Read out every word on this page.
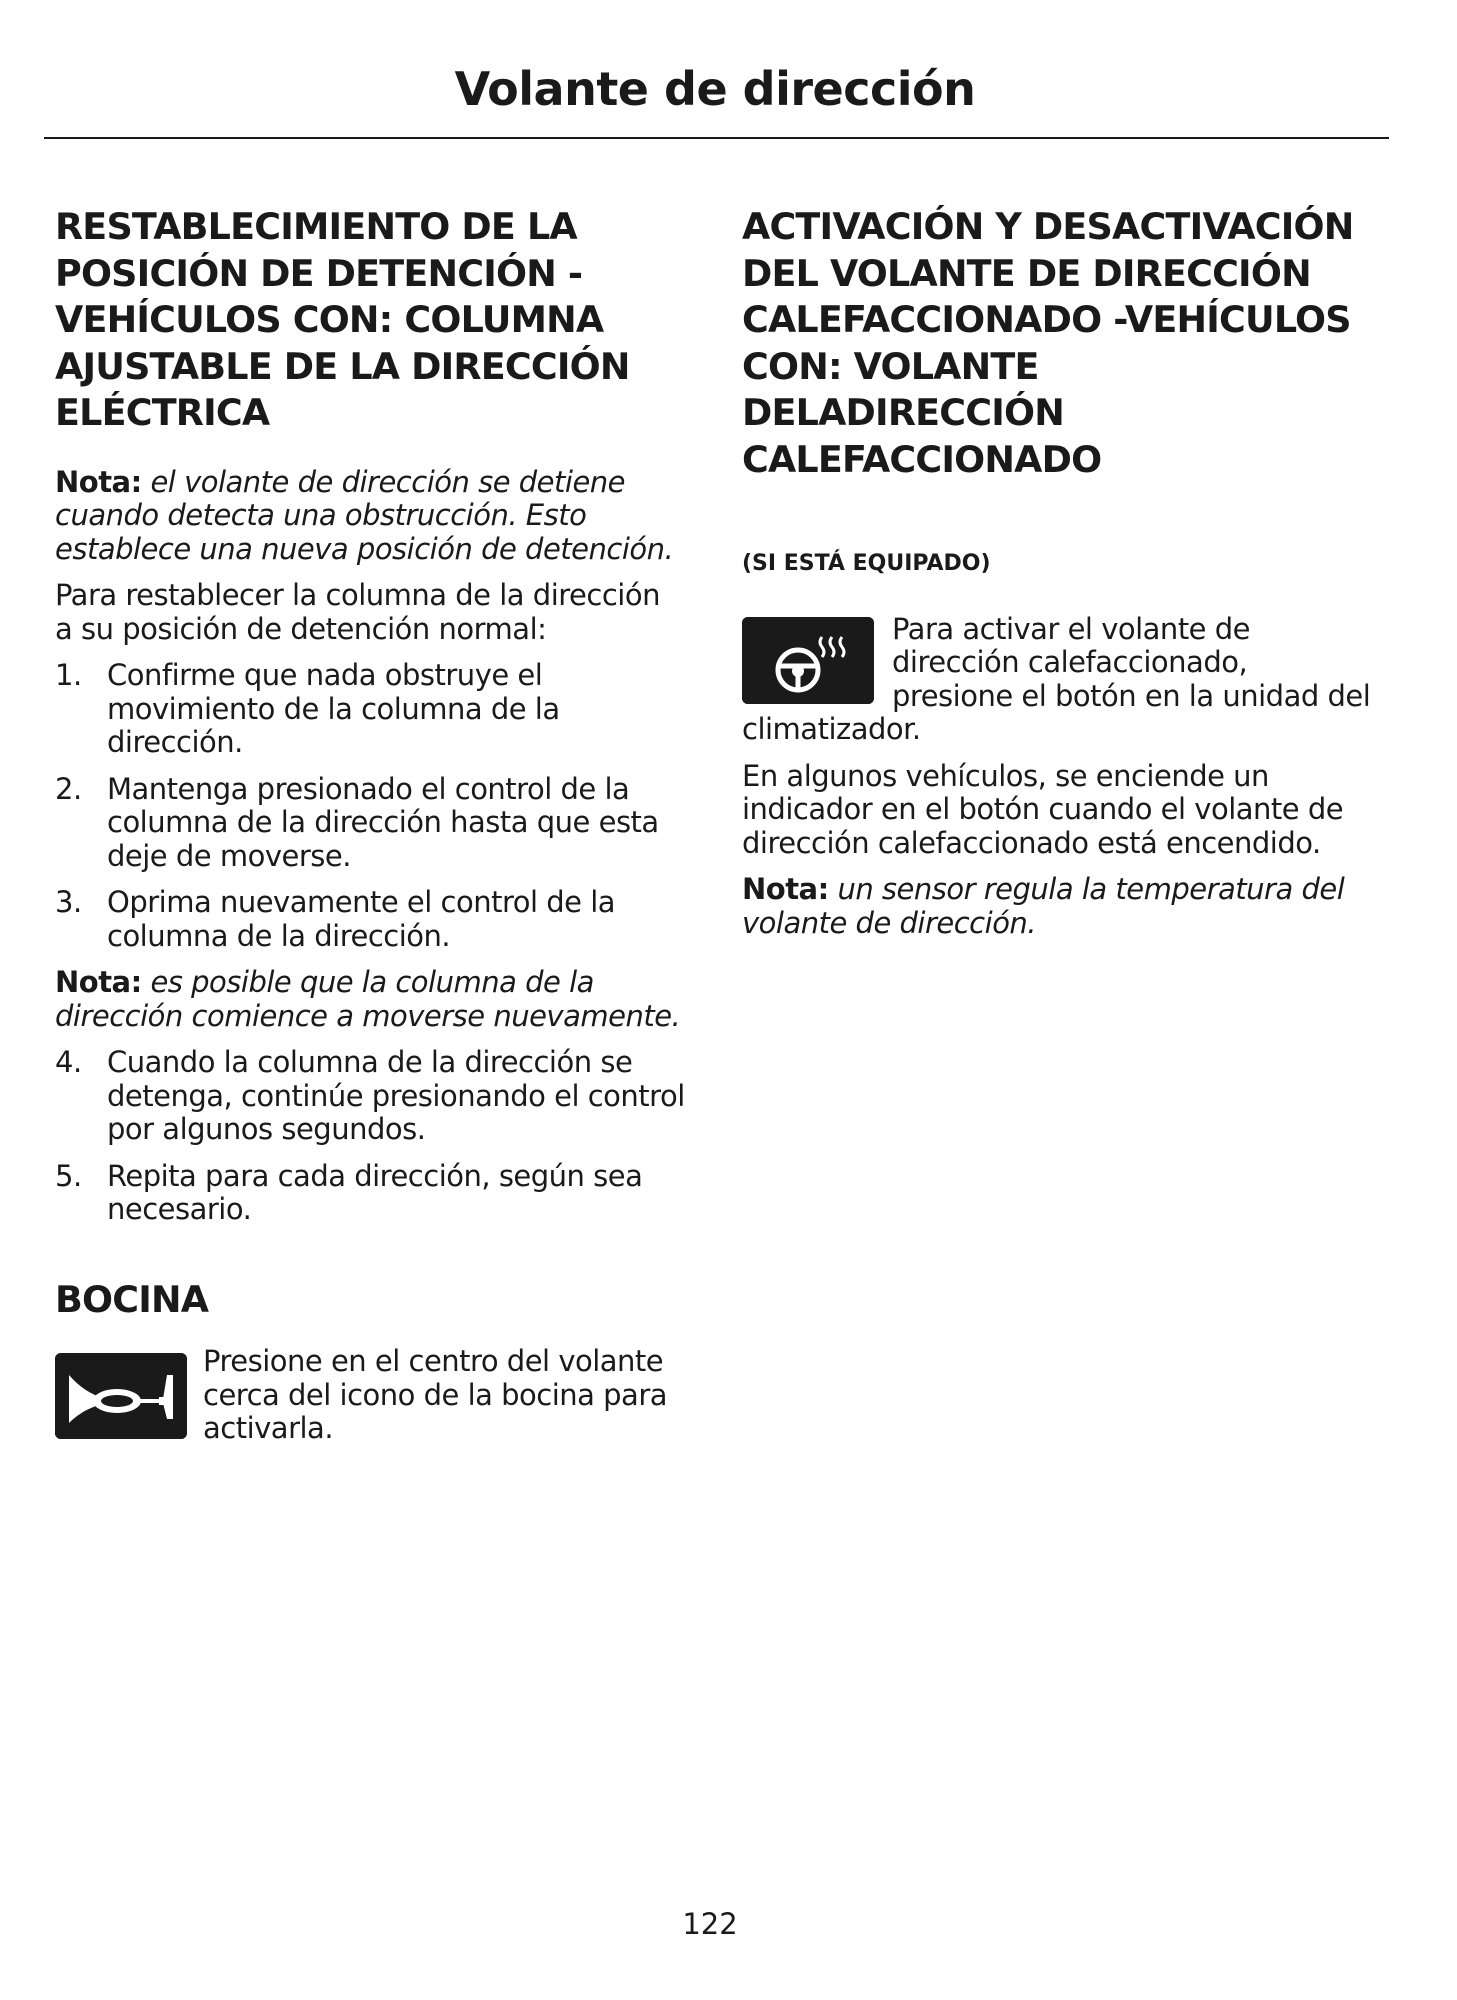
Volante de dirección
RESTABLECIMIENTO DE LA POSICIÓN DE DETENCIÓN - VEHÍCULOS CON: COLUMNA AJUSTABLE DE LA DIRECCIÓN ELÉCTRICA

Nota: el volante de dirección se detiene cuando detecta una obstrucción. Esto establece una nueva posición de detención.

Para restablecer la columna de la dirección a su posición de detención normal:

1. Confirme que nada obstruye el movimiento de la columna de la dirección.
2. Mantenga presionado el control de la columna de la dirección hasta que esta deje de moverse.
3. Oprima nuevamente el control de la columna de la dirección.

Nota: es posible que la columna de la dirección comience a moverse nuevamente.

4. Cuando la columna de la dirección se detenga, continúe presionando el control por algunos segundos.
5. Repita para cada dirección, según sea necesario.
BOCINA

Presione en el centro del volante cerca del icono de la bocina para activarla.

ACTIVACIÓN Y DESACTIVACIÓN DEL VOLANTE DE DIRECCIÓN CALEFACCIONADO -VEHÍCULOS CON: VOLANTE DELADIRECCIÓN CALEFACCIONADO

(SI ESTÁ EQUIPADO)

Para activar el volante de dirección calefaccionado, presione el botón en la unidad del climatizador.

En algunos vehículos, se enciende un indicador en el botón cuando el volante de dirección calefaccionado está encendido.

Nota: un sensor regula la temperatura del volante de dirección.

122
